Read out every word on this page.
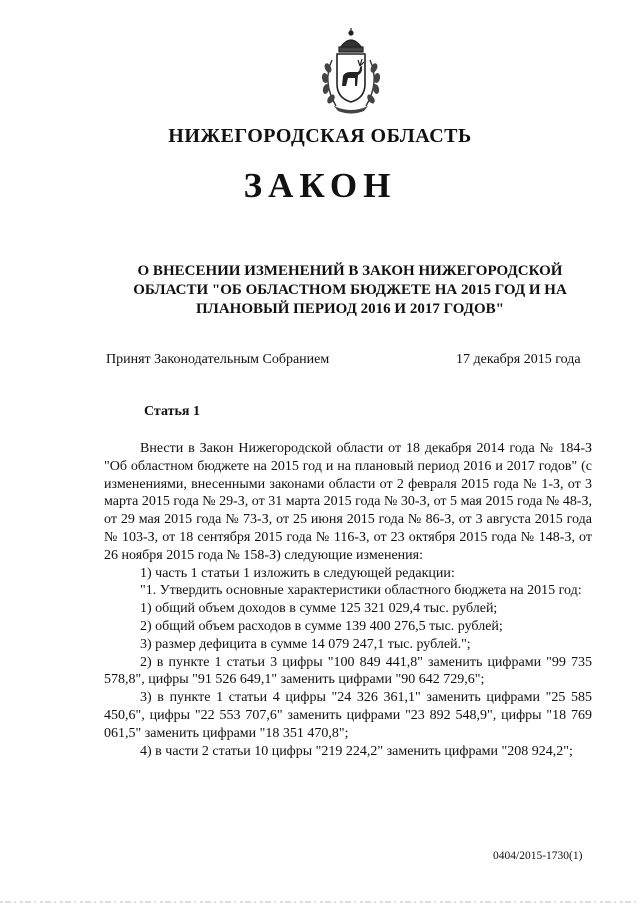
НИЖЕГОРОДСКАЯ ОБЛАСТЬ
ЗАКОН
О ВНЕСЕНИИ ИЗМЕНЕНИЙ В ЗАКОН НИЖЕГОРОДСКОЙ
ОБЛАСТИ "ОБ ОБЛАСТНОМ БЮДЖЕТЕ НА 2015 ГОД И НА
ПЛАНОВЫЙ ПЕРИОД 2016 И 2017 ГОДОВ"
Принят Законодательным Собранием	17 декабря 2015 года
Статья 1

Внести в Закон Нижегородской области от 18 декабря 2014 года № 184-З "Об областном бюджете на 2015 год и на плановый период 2016 и 2017 годов" (с изменениями, внесенными законами области от 2 февраля 2015 года № 1-З, от 3 марта 2015 года № 29-З, от 31 марта 2015 года № 30-З, от 5 мая 2015 года № 48-З, от 29 мая 2015 года № 73-З, от 25 июня 2015 года № 86-З, от 3 августа 2015 года № 103-З, от 18 сентября 2015 года № 116-З, от 23 октября 2015 года № 148-З, от 26 ноября 2015 года № 158-З) следующие изменения:

1) часть 1 статьи 1 изложить в следующей редакции:

"1. Утвердить основные характеристики областного бюджета на 2015 год:

1) общий объем доходов в сумме 125 321 029,4 тыс. рублей;

2) общий объем расходов в сумме 139 400 276,5 тыс. рублей;

3) размер дефицита в сумме 14 079 247,1 тыс. рублей.";

2) в пункте 1 статьи 3 цифры "100 849 441,8" заменить цифрами "99 735 578,8", цифры "91 526 649,1" заменить цифрами "90 642 729,6";

3) в пункте 1 статьи 4 цифры "24 326 361,1" заменить цифрами "25 585 450,6", цифры "22 553 707,6" заменить цифрами "23 892 548,9", цифры "18 769 061,5" заменить цифрами "18 351 470,8";

4) в части 2 статьи 10 цифры "219 224,2" заменить цифрами "208 924,2";

0404/2015-1730(1)
